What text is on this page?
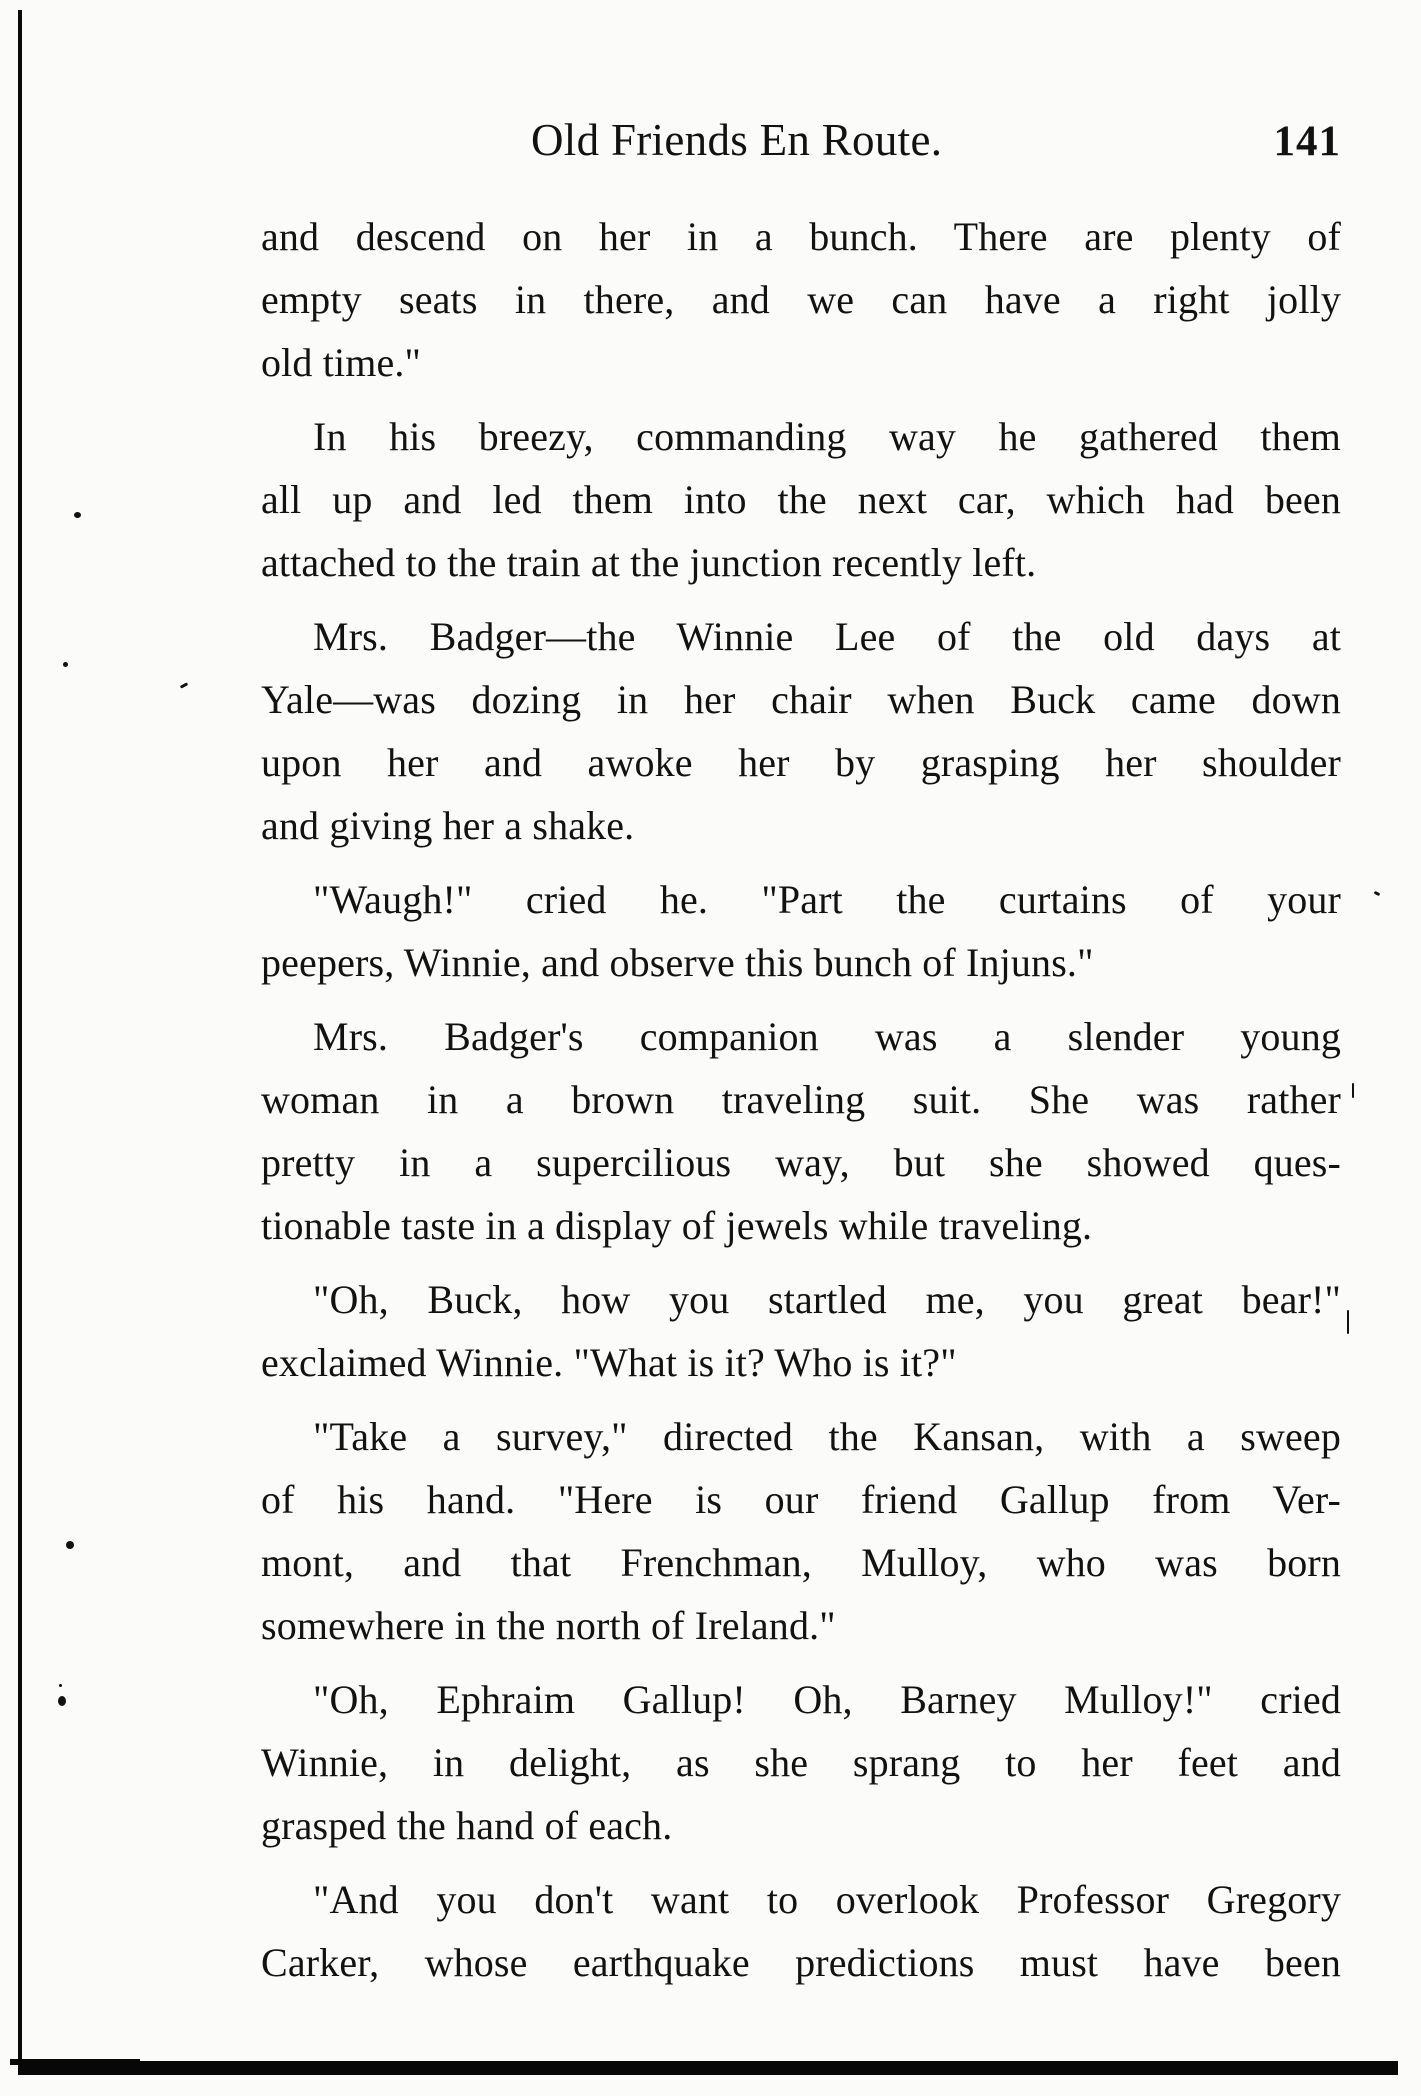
Old Friends En Route.	141
and descend on her in a bunch. There are plenty of
empty seats in there, and we can have a right jolly
old time."
In his breezy, commanding way he gathered them
all up and led them into the next car, which had been
attached to the train at the junction recently left.
Mrs. Badger—the Winnie Lee of the old days at
Yale—was dozing in her chair when Buck came down
upon her and awoke her by grasping her shoulder
and giving her a shake.
"Waugh!" cried he. "Part the curtains of your
peepers, Winnie, and observe this bunch of Injuns."
Mrs. Badger's companion was a slender young
woman in a brown traveling suit. She was rather
pretty in a supercilious way, but she showed ques-
tionable taste in a display of jewels while traveling.
"Oh, Buck, how you startled me, you great bear!"
exclaimed Winnie. "What is it? Who is it?"
"Take a survey," directed the Kansan, with a sweep
of his hand. "Here is our friend Gallup from Ver-
mont, and that Frenchman, Mulloy, who was born
somewhere in the north of Ireland."
"Oh, Ephraim Gallup! Oh, Barney Mulloy!" cried
Winnie, in delight, as she sprang to her feet and
grasped the hand of each.
"And you don't want to overlook Professor Gregory
Carker, whose earthquake predictions must have been
